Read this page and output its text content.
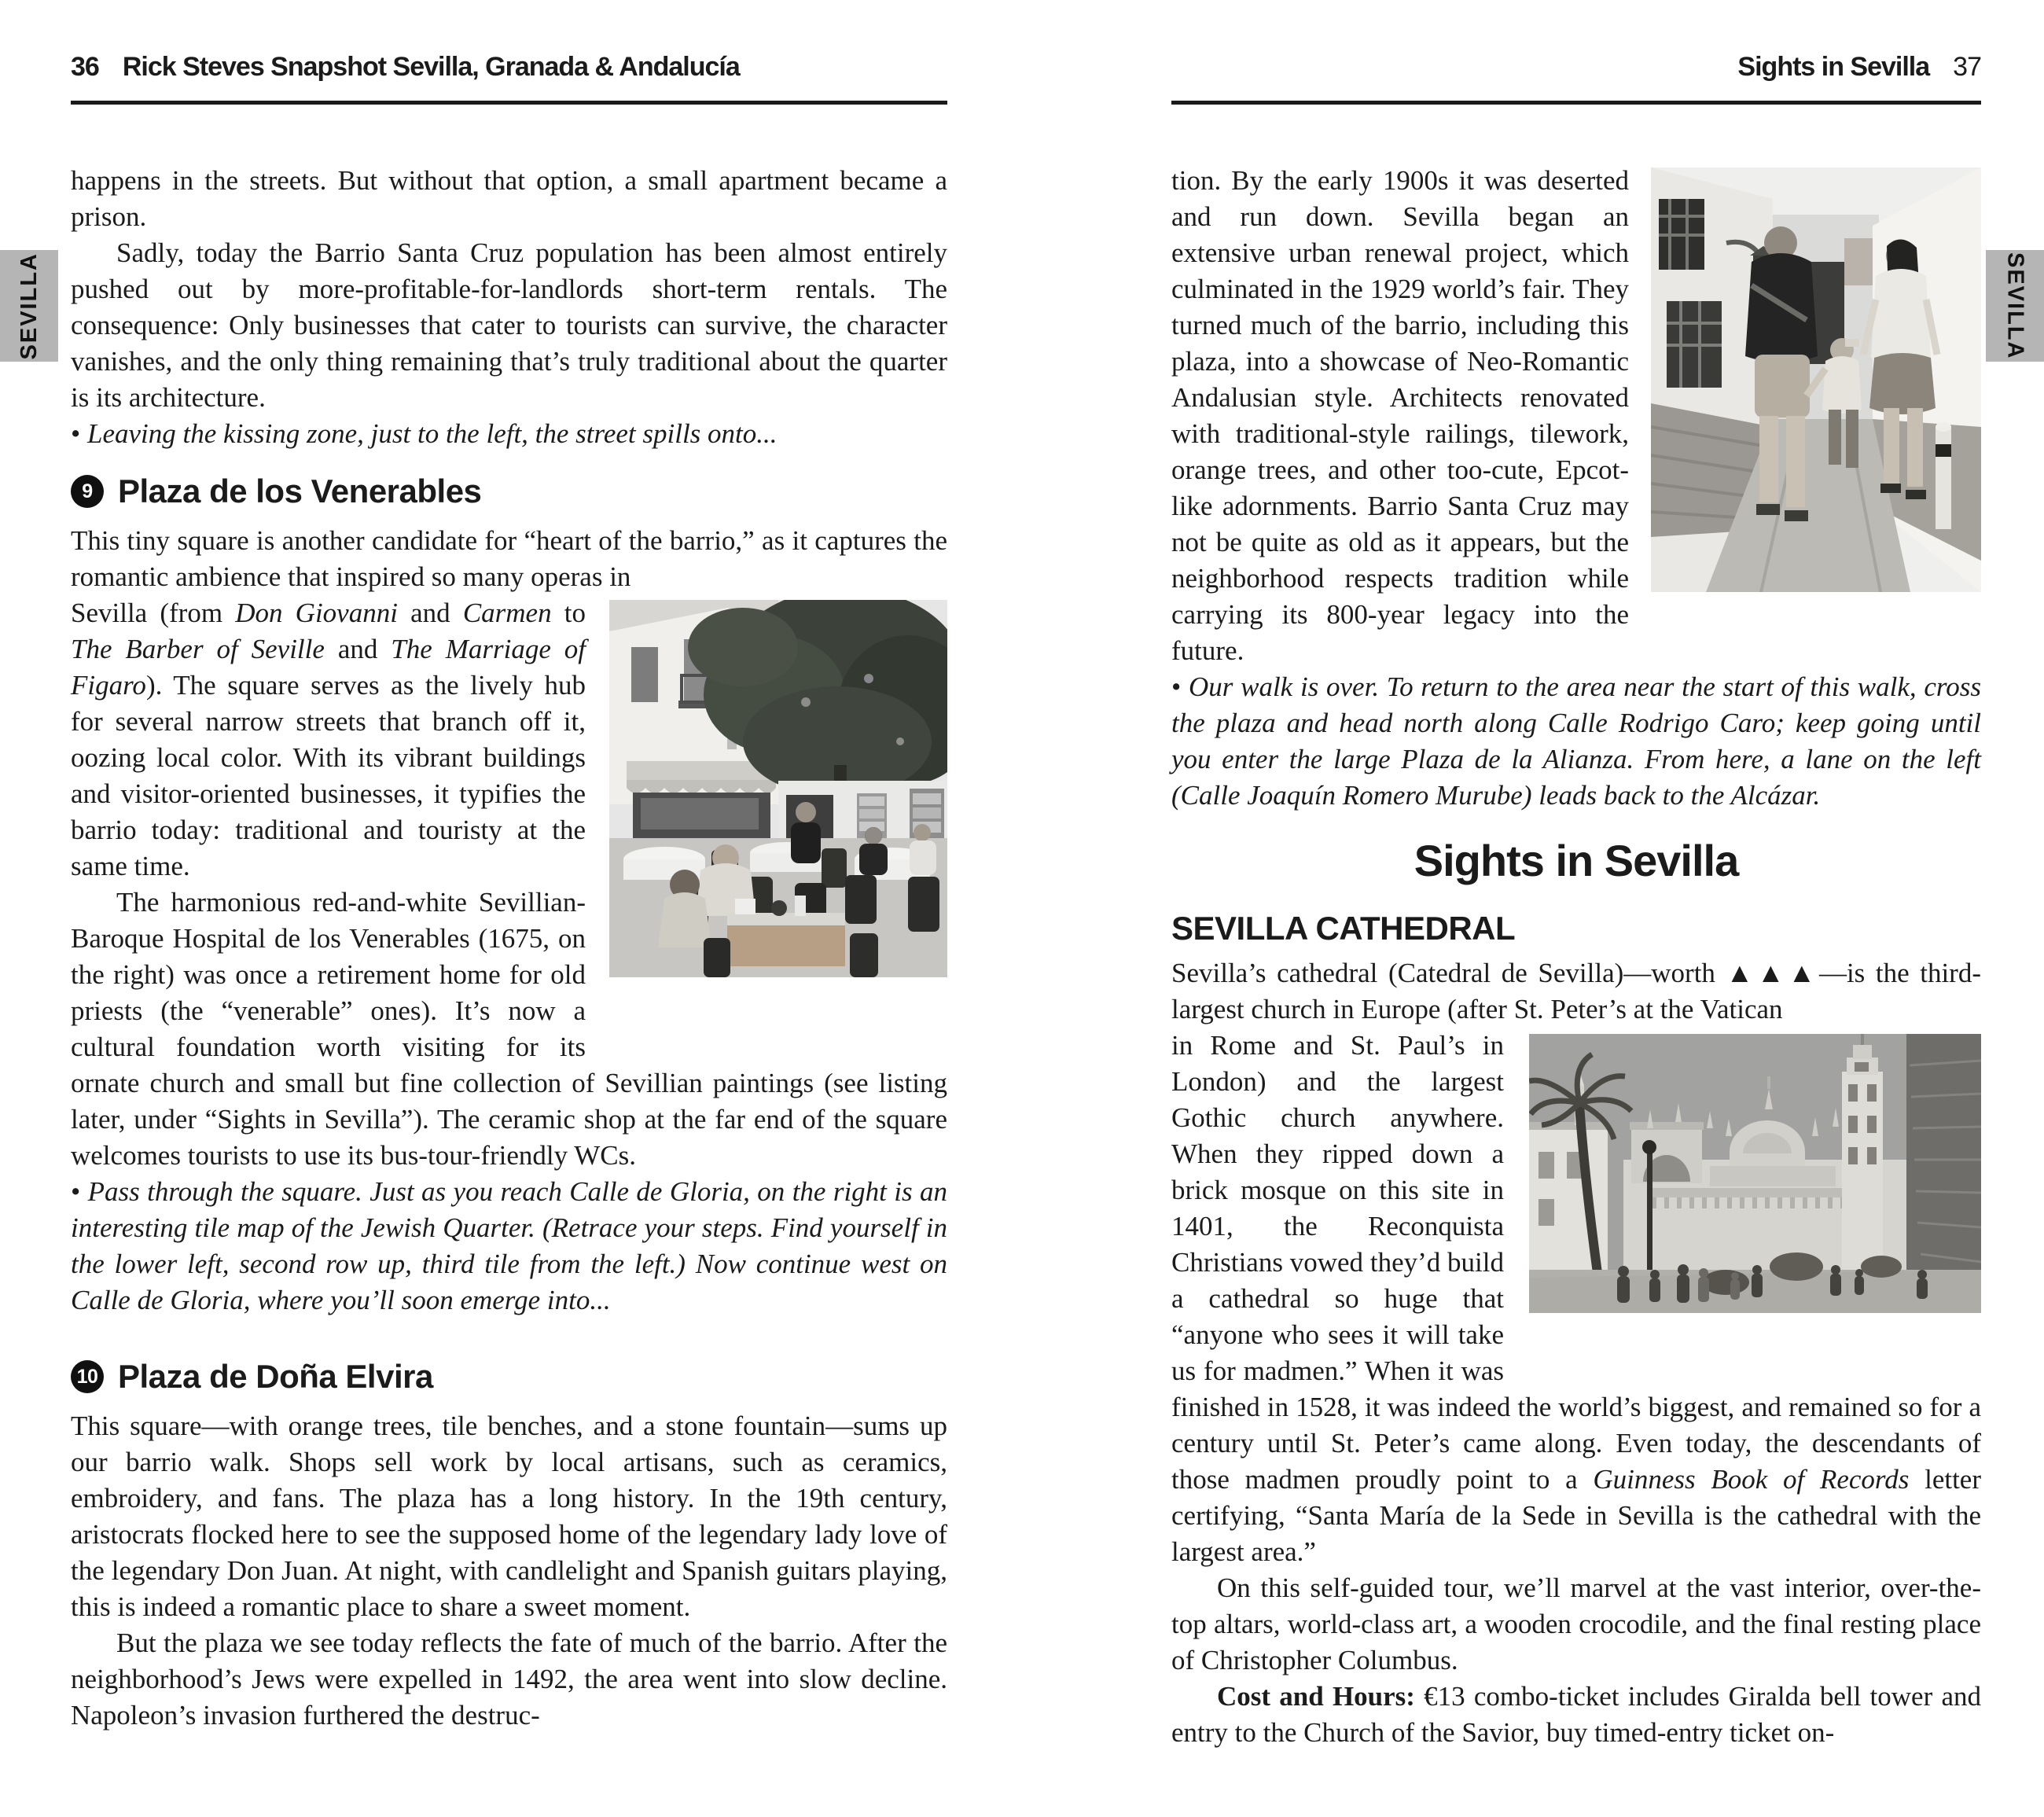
36 Rick Steves Snapshot Sevilla, Granada & Andalucía

happens in the streets. But without that option, a small apartment became a prison.

Sadly, today the Barrio Santa Cruz population has been almost entirely pushed out by more-profitable-for-landlords short-term rentals. The consequence: Only businesses that cater to tourists can survive, the character vanishes, and the only thing remaining that’s truly traditional about the quarter is its architecture.

• Leaving the kissing zone, just to the left, the street spills onto...

9 Plaza de los Venerables

This tiny square is another candidate for “heart of the barrio,” as it captures the romantic ambience that inspired so many operas in

Sevilla (from Don Giovanni and Carmen to The Barber of Seville and The Marriage of Figaro). The square serves as the lively hub for several narrow streets that branch off it, oozing local color. With its vibrant buildings and visitor-oriented businesses, it typifies the barrio today: traditional and touristy at the same time.

The harmonious red-and-white Sevillian-Baroque Hospital de los Venerables (1675, on the right) was once a retirement home for old priests (the “venerable” ones). It’s now a cultural foundation worth visiting for its ornate church and small but fine collection of Sevillian paintings (see listing later, under “Sights in Sevilla”). The ceramic shop at the far end of the square welcomes tourists to use its bus-tour-friendly WCs.

• Pass through the square. Just as you reach Calle de Gloria, on the right is an interesting tile map of the Jewish Quarter. (Retrace your steps. Find yourself in the lower left, second row up, third tile from the left.) Now continue west on Calle de Gloria, where you’ll soon emerge into...

10 Plaza de Doña Elvira

This square—with orange trees, tile benches, and a stone fountain—sums up our barrio walk. Shops sell work by local artisans, such as ceramics, embroidery, and fans. The plaza has a long history. In the 19th century, aristocrats flocked here to see the supposed home of the legendary lady love of the legendary Don Juan. At night, with candlelight and Spanish guitars playing, this is indeed a romantic place to share a sweet moment.

But the plaza we see today reflects the fate of much of the barrio. After the neighborhood’s Jews were expelled in 1492, the area went into slow decline. Napoleon’s invasion furthered the destruc-

Sights in Sevilla 37

tion. By the early 1900s it was deserted and run down. Sevilla began an extensive urban renewal project, which culminated in the 1929 world’s fair. They turned much of the barrio, including this plaza, into a showcase of Neo-Romantic Andalusian style. Architects renovated with traditional-style railings, tilework, orange trees, and other too-cute, Epcot-like adornments. Barrio Santa Cruz may not be quite as old as it appears, but the neighborhood respects tradition while carrying its 800-year legacy into the future.

• Our walk is over. To return to the area near the start of this walk, cross the plaza and head north along Calle Rodrigo Caro; keep going until you enter the large Plaza de la Alianza. From here, a lane on the left (Calle Joaquín Romero Murube) leads back to the Alcázar.

Sights in Sevilla
SEVILLA CATHEDRAL

Sevilla’s cathedral (Catedral de Sevilla)—worth ▲▲▲—is the third-largest church in Europe (after St. Peter’s at the Vatican

in Rome and St. Paul’s in London) and the largest Gothic church anywhere. When they ripped down a brick mosque on this site in 1401, the Reconquista Christians vowed they’d build a cathedral so huge that “anyone who sees it will take us for madmen.” When it was finished in 1528, it was indeed the world’s biggest, and remained so for a century until St. Peter’s came along. Even today, the descendants of those madmen proudly point to a Guinness Book of Records letter certifying, “Santa María de la Sede in Sevilla is the cathedral with the largest area.”

On this self-guided tour, we’ll marvel at the vast interior, over-the-top altars, world-class art, a wooden crocodile, and the final resting place of Christopher Columbus.

Cost and Hours: €13 combo-ticket includes Giralda bell tower and entry to the Church of the Savior, buy timed-entry ticket on-

SEVILLA	SEVILLA
